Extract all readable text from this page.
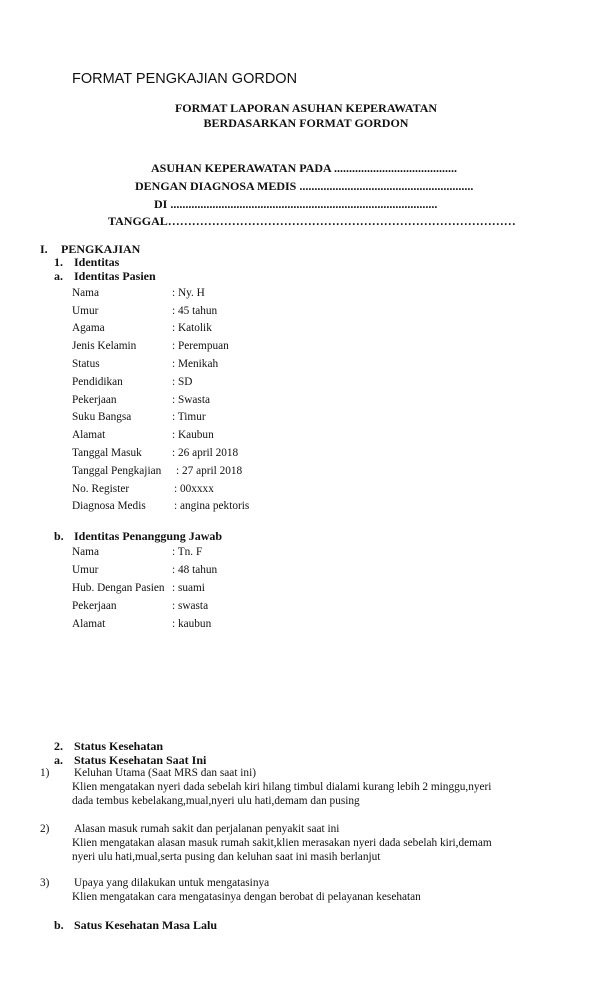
FORMAT PENGKAJIAN GORDON
FORMAT LAPORAN ASUHAN KEPERAWATAN
BERDASARKAN FORMAT GORDON
ASUHAN KEPERAWATAN PADA .........................................
DENGAN DIAGNOSA MEDIS ..........................................................
DI .........................................................................................
TANGGAL……………………………………………………………………………
I. PENGKAJIAN
1. Identitas
a. Identitas Pasien
Nama	: Ny. H
Umur	: 45 tahun
Agama	: Katolik
Jenis Kelamin	: Perempuan
Status	: Menikah
Pendidikan	: SD
Pekerjaan	: Swasta
Suku Bangsa	: Timur
Alamat	: Kaubun
Tanggal Masuk	: 26 april 2018
Tanggal Pengkajian : 27 april 2018
No. Register	: 00xxxx
Diagnosa Medis	: angina pektoris
b. Identitas Penanggung Jawab
Nama	: Tn. F
Umur	: 48 tahun
Hub. Dengan Pasien : suami
Pekerjaan	: swasta
Alamat	: kaubun
2. Status Kesehatan
a. Status Kesehatan Saat Ini
1) Keluhan Utama (Saat MRS dan saat ini)
Klien mengatakan nyeri dada sebelah kiri hilang timbul dialami kurang lebih 2 minggu,nyeri
dada tembus kebelakang,mual,nyeri ulu hati,demam dan pusing
2) Alasan masuk rumah sakit dan perjalanan penyakit saat ini
Klien mengatakan alasan masuk rumah sakit,klien merasakan nyeri dada sebelah kiri,demam
nyeri ulu hati,mual,serta pusing dan keluhan saat ini masih berlanjut
3) Upaya yang dilakukan untuk mengatasinya
Klien mengatakan cara mengatasinya dengan berobat di pelayanan kesehatan
b. Satus Kesehatan Masa Lalu
